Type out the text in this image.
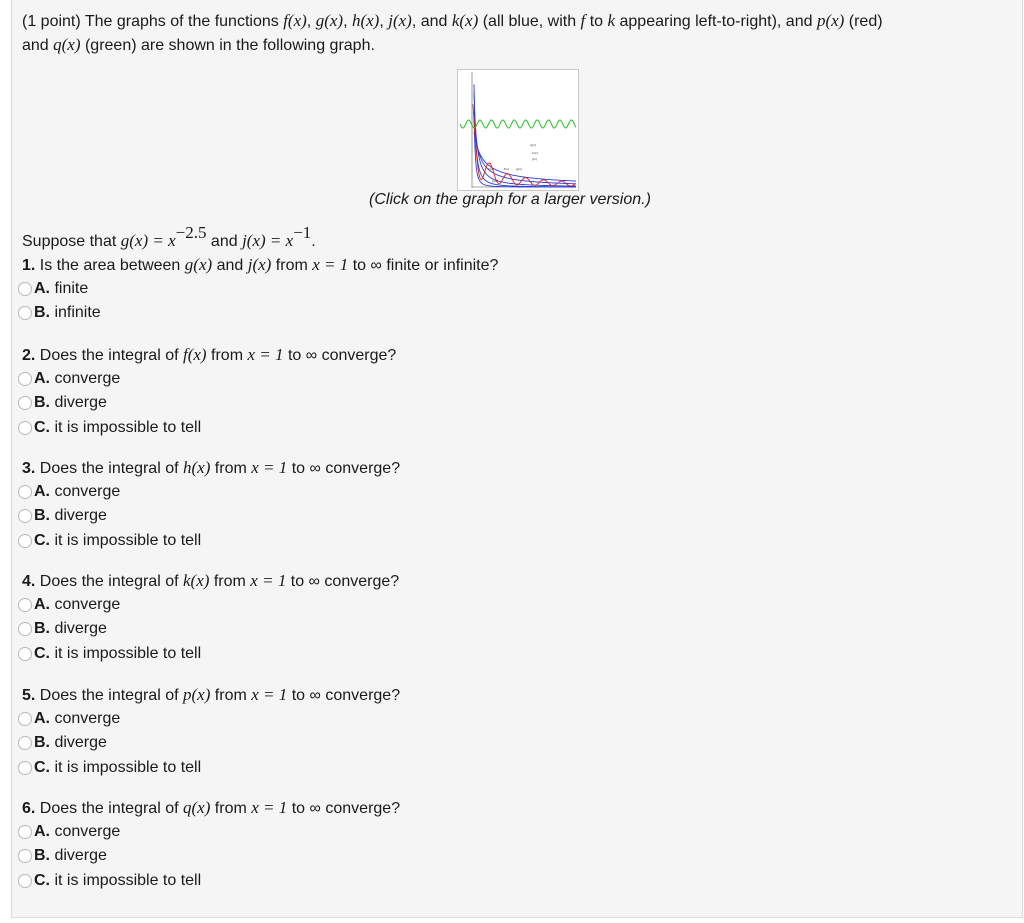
(1 point) The graphs of the functions f(x), g(x), h(x), j(x), and k(x) (all blue, with f to k appearing left-to-right), and p(x) (red)
and q(x) (green) are shown in the following graph.
q(x)
k(x)
j(x)
h(x)	f(x) g(x)
p(x)
(Click on the graph for a larger version.)
Suppose that $g(x) = x^{-2.5}$ and $j(x) = x^{-1}$.
1. Is the area between g(x) and j(x) from x = 1 to ∞ finite or infinite?
A. finite
B. infinite
2. Does the integral of f(x) from x = 1 to ∞ converge?
A. converge
B. diverge
C. it is impossible to tell
3. Does the integral of h(x) from x = 1 to ∞ converge?
A. converge
B. diverge
C. it is impossible to tell
4. Does the integral of k(x) from x = 1 to ∞ converge?
A. converge
B. diverge
C. it is impossible to tell
5. Does the integral of p(x) from x = 1 to ∞ converge?
A. converge
B. diverge
C. it is impossible to tell
6. Does the integral of q(x) from x = 1 to ∞ converge?
A. converge
B. diverge
C. it is impossible to tell
